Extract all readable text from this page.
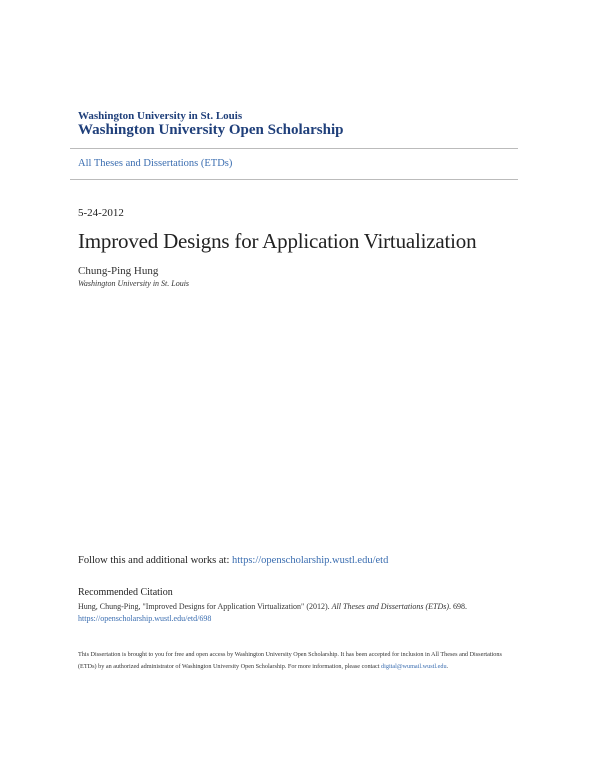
Washington University in St. Louis
Washington University Open Scholarship
All Theses and Dissertations (ETDs)
5-24-2012
Improved Designs for Application Virtualization
Chung-Ping Hung
Washington University in St. Louis
Follow this and additional works at: https://openscholarship.wustl.edu/etd
Recommended Citation
Hung, Chung-Ping, "Improved Designs for Application Virtualization" (2012). All Theses and Dissertations (ETDs). 698.
https://openscholarship.wustl.edu/etd/698
This Dissertation is brought to you for free and open access by Washington University Open Scholarship. It has been accepted for inclusion in All Theses and Dissertations (ETDs) by an authorized administrator of Washington University Open Scholarship. For more information, please contact digital@wumail.wustl.edu.
